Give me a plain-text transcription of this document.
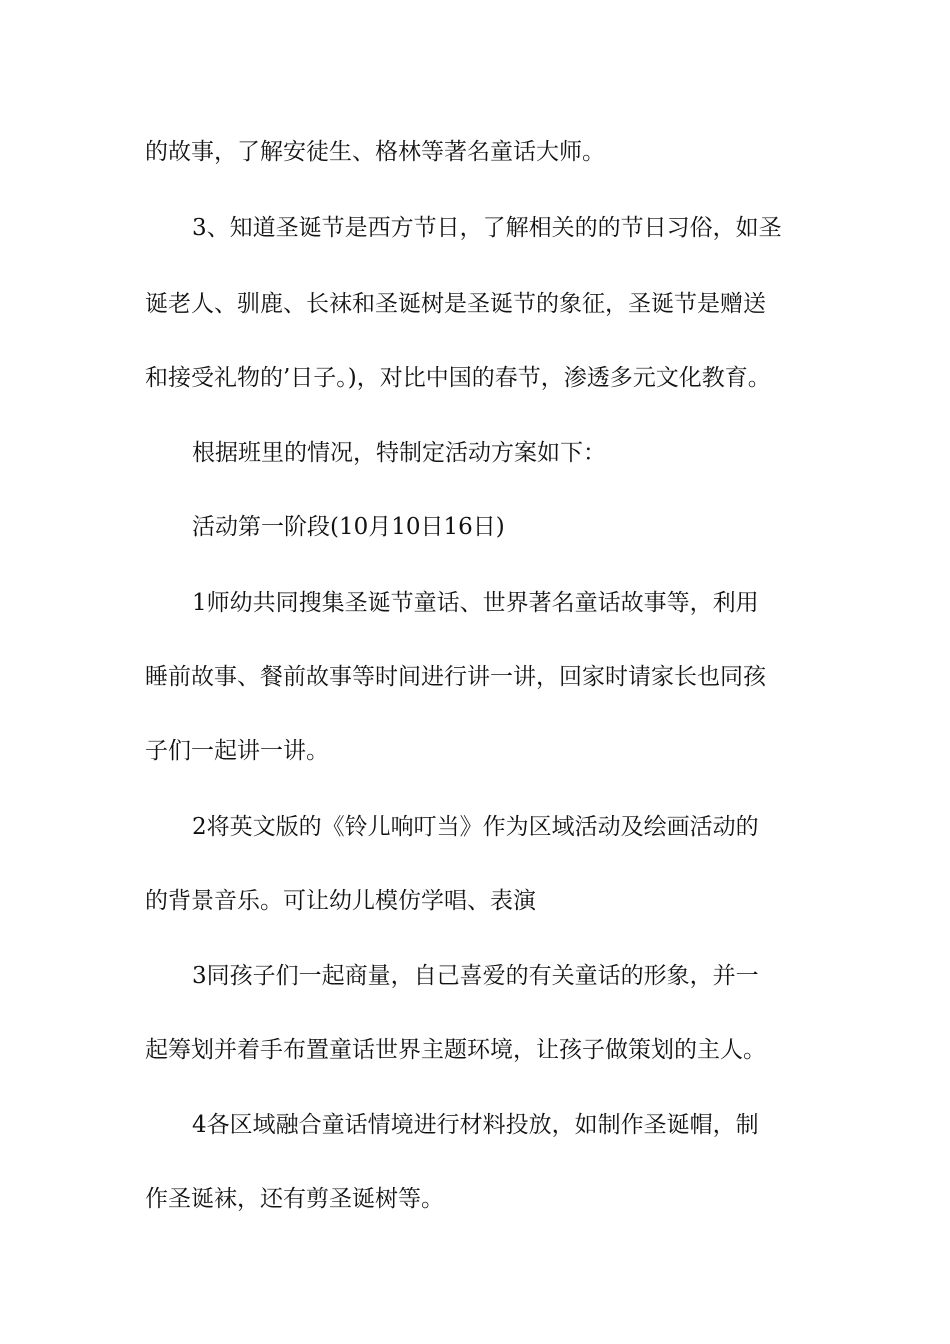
的故事，了解安徒生、格林等著名童话大师。
3、知道圣诞节是西方节日，了解相关的的节日习俗，如圣
诞老人、驯鹿、长袜和圣诞树是圣诞节的象征，圣诞节是赠送
和接受礼物的’日子。)，对比中国的春节，渗透多元文化教育。
根据班里的情况，特制定活动方案如下：
活动第一阶段(10月10日16日)
1师幼共同搜集圣诞节童话、世界著名童话故事等，利用
睡前故事、餐前故事等时间进行讲一讲，回家时请家长也同孩
子们一起讲一讲。
2将英文版的《铃儿响叮当》作为区域活动及绘画活动的
的背景音乐。可让幼儿模仿学唱、表演
3同孩子们一起商量，自己喜爱的有关童话的形象，并一
起筹划并着手布置童话世界主题环境，让孩子做策划的主人。
4各区域融合童话情境进行材料投放，如制作圣诞帽，制
作圣诞袜，还有剪圣诞树等。
